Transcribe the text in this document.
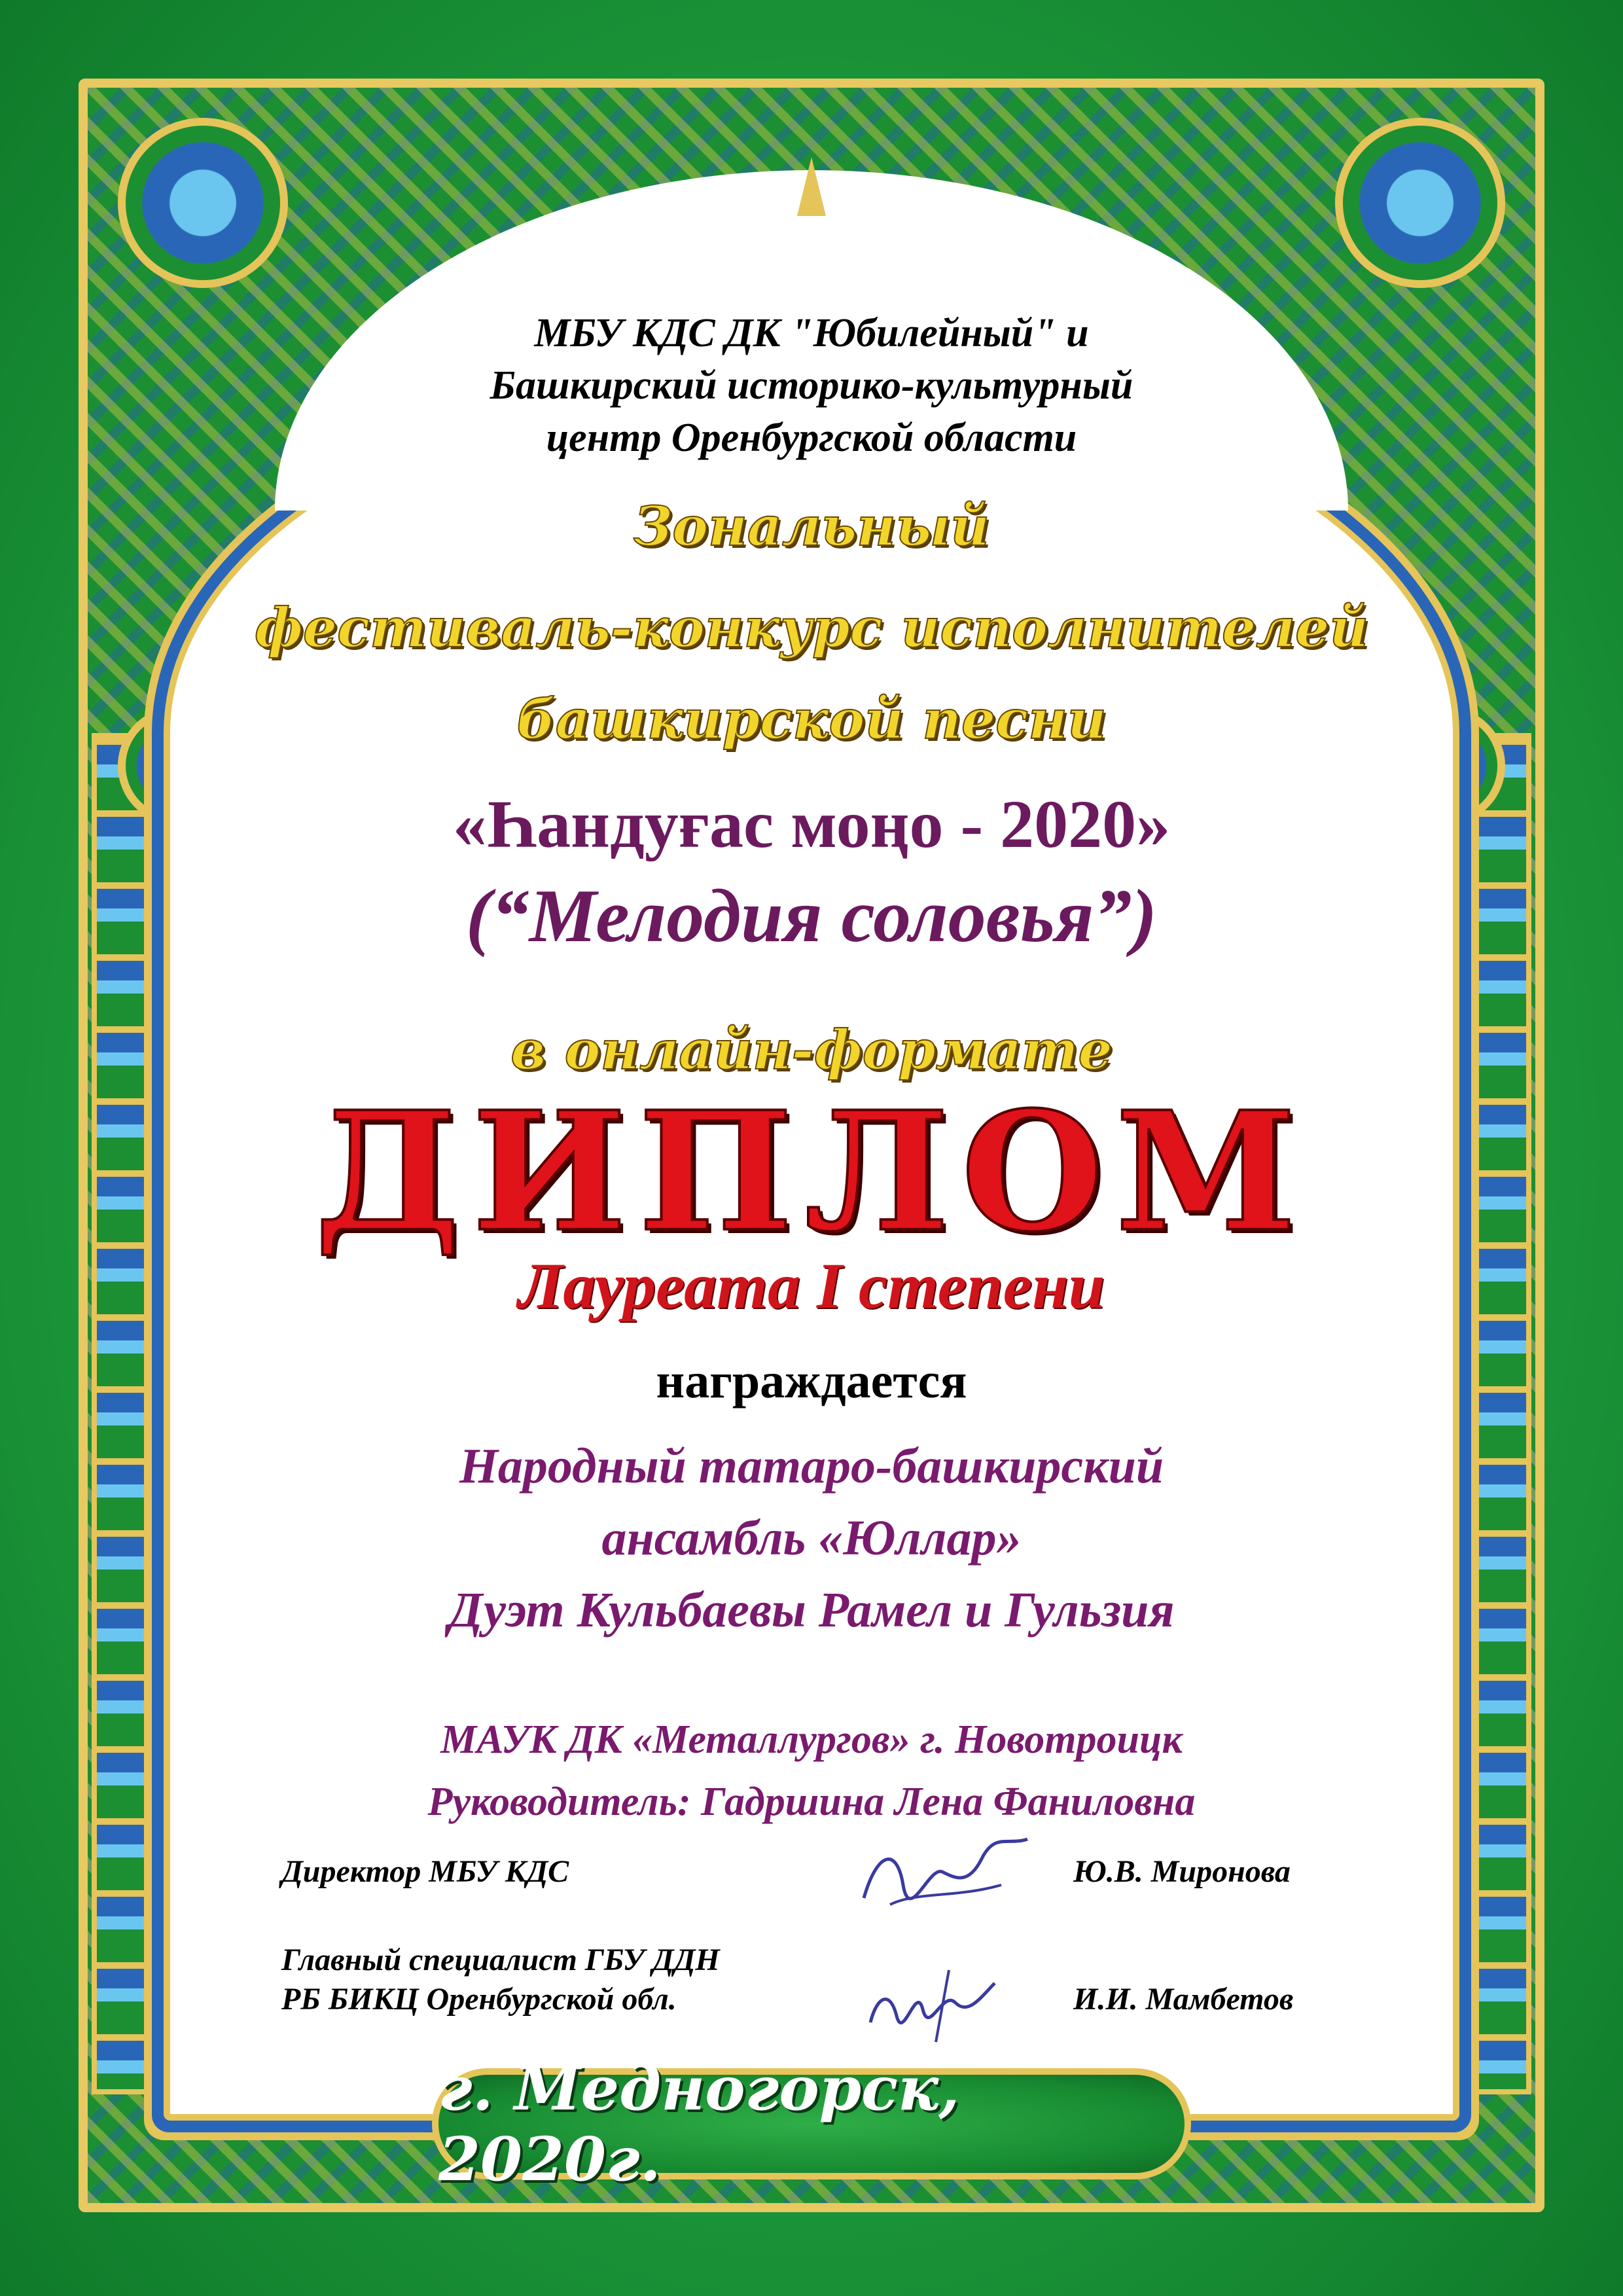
МБУ КДС ДК "Юбилейный" и

Башкирский историко-культурный

центр Оренбургской области

Зональный

фестиваль-конкурс исполнителей

башкирской песни

«Һандуғас моңо - 2020»

(“Мелодия соловья”)

в онлайн-формате

ДИПЛОМ

Лауреата I степени

награждается

Народный татаро-башкирский

ансамбль «Юллар»

Дуэт Кульбаевы Рамел и Гульзия

МАУК ДК «Металлургов» г. Новотроицк

Руководитель: Гадршина Лена Фаниловна

Директор МБУ КДС	Ю.В. Миронова
Главный специалист ГБУ ДДН
РБ БИКЦ Оренбургской обл.	И.И. Мамбетов
г. Медногорск, 2020г.
